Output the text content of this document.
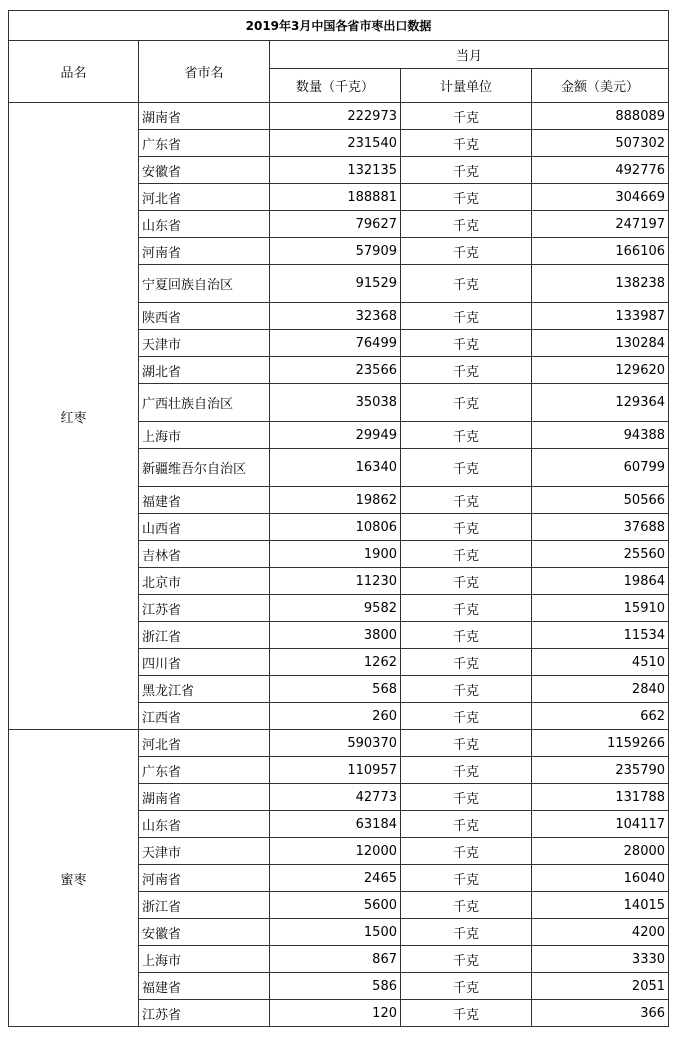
2019年3月中国各省市枣出口数据				
品名	省市名	当月		
		数量（千克）	计量单位	金额（美元）
红枣	湖南省	222973	千克	888089
	广东省	231540	千克	507302
	安徽省	132135	千克	492776
	河北省	188881	千克	304669
	山东省	79627	千克	247197
	河南省	57909	千克	166106
	宁夏回族自治区	91529	千克	138238
	陕西省	32368	千克	133987
	天津市	76499	千克	130284
	湖北省	23566	千克	129620
	广西壮族自治区	35038	千克	129364
	上海市	29949	千克	94388
	新疆维吾尔自治区	16340	千克	60799
	福建省	19862	千克	50566
	山西省	10806	千克	37688
	吉林省	1900	千克	25560
	北京市	11230	千克	19864
	江苏省	9582	千克	15910
	浙江省	3800	千克	11534
	四川省	1262	千克	4510
	黑龙江省	568	千克	2840
	江西省	260	千克	662
蜜枣	河北省	590370	千克	1159266
	广东省	110957	千克	235790
	湖南省	42773	千克	131788
	山东省	63184	千克	104117
	天津市	12000	千克	28000
	河南省	2465	千克	16040
	浙江省	5600	千克	14015
	安徽省	1500	千克	4200
	上海市	867	千克	3330
	福建省	586	千克	2051
	江苏省	120	千克	366
